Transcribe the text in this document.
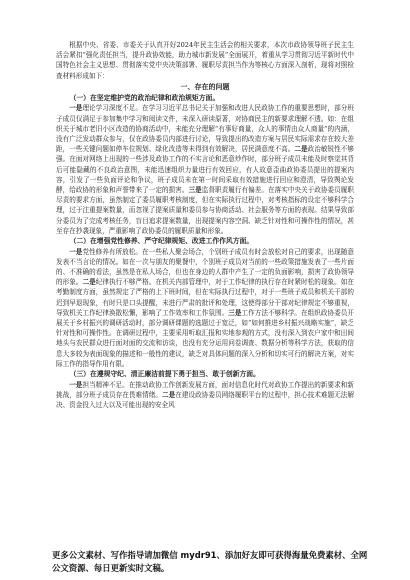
根据中央、省委、市委关于认真开好2024年民主生活会的相关要求，本次市政协领导班子民主生活会紧扣“强化责任担当，提升政协效能，助力城市新发展”全面展开，着重从学习贯彻习近平新时代中国特色社会主义思想、贯彻落实党中央决策部署、履职尽责担当作为等核心方面深入剖析，现将对照检查材料形成如下：

一、存在的问题

（一）在坚定维护党的政治纪律和政治规矩方面。

一是理论学习深度不足。在学习习近平总书记关于加强和改进人民政协工作的重要思想时，部分班子成员仅满足于参加集中学习和阅读文件，未深入研读原著，对协商民主的新要求理解不透。如：在组织关于城市老旧小区改造的协商活动中，未能充分理解“有事好商量，众人的事情由众人商量”的内涵，没有广泛发动群众参与，仅在政协委员内部进行讨论，导致提出的改造方案与居民实际需求存在较大差距，一些关键问题如停车位规划、绿化改造等未得到有效解决，居民满意度不高。二是政治敏锐性不够强。在面对网络上出现的一些涉及政协工作的不实言论和恶意炒作时，部分班子成员未能及时察觉其背后可能隐藏的不良政治意图，未能迅速组织力量进行有效回应，有人故意歪曲政协委员提出的提案内容，引发了一些负面评论和争议，班子成员未在第一时间采取有效措施进行回应和澄清，导致舆论发酵，给政协的形象和声誉带来了一定的损害。三是监督职责履行有偏差。在落实中央关于政协委员履职尽责的要求方面，虽然制定了委员履职考核制度，但在实际执行过程中，对考核指标的设定不够科学合理，过于注重提案数量，而忽视了提案质量和委员参与协商活动、社会服务等方面的表现。结果导致部分委员为了完成考核任务，盲目追求提案数量，出现提案内容空洞、缺乏针对性和可操作性的情况，甚至存在抄袭现象，严重影响了政协委员的履职质量和形象。

（二）在增强党性修养、严守纪律规矩、改进工作作风方面。

一是党性修养有所放松。在一些私人聚会场合，个别班子成员有时会放松对自己的要求，出现随意发表不当言论的情况。如在一次与朋友的聚餐中，个别班子成员对当前的一些政策措施发表了一些片面的、不准确的看法，虽然是在私人场合，但也在身边的人群中产生了一定的负面影响，损害了政协领导的形象。二是纪律执行不够严格。在机关内部管理中，对于工作纪律的执行存在时紧时松的现象。如在考勤制度方面，虽然规定了严格的上下班时间，但在实际执行过程中，对于一些班子成员和机关干部的迟到早退现象，有时只是口头提醒，未进行严肃的批评和处理，这使得部分干部对纪律规定不够重视，导致机关工作纪律涣散松懈，影响了工作效率和工作氛围。三是工作方法不够科学。在组织政协委员开展关于乡村振兴的调研活动时，部分调研课题的选题过于宽泛，如“如何推进乡村振兴战略实施”，缺乏针对性和可操作性。在调研过程中，主要采用听取汇报和实地参观的方式，没有深入到农户家中和田间地头与农民群众进行面对面的交流和访谈，也没有充分运用问卷调查、数据分析等科学方法，获取的信息大多较为表面现象的描述和一般性的建议，缺乏对具体问题的深入分析和切实可行的解决方案，对实际工作的指导作用有限。

（三）在遵规守纪、清正廉洁前提下勇于担当、敢于创新方面。

一是担当精神不足。在推动政协工作创新发展方面，面对信息化时代对政协工作提出的新要求和新挑战，部分班子成员存在畏难情绪。二是在建设政协委员网络履职平台的过程中，担心技术难题无法解决、资金投入过大以及可能出现的安全风

更多公文素材、写作指导请加微信 mydr91、添加好友即可获得海量免费素材、全网公文资源、每日更新实时文稿。
